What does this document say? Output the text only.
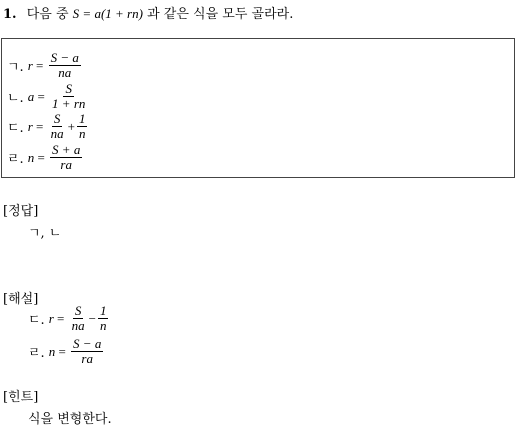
1. 다음 중 S = a(1 + rn) 과 같은 식을 모두 골라라.
ㄱ. $r = \frac{S - a}{na}$
ㄴ. $a = \frac{S}{1 + rn}$
ㄷ. $r = \frac{S}{na} + \frac{1}{n}$
ㄹ. $n = \frac{S + a}{ra}$
[정답]
ㄱ, ㄴ
[해설]
ㄷ. $r = \frac{S}{na} - \frac{1}{n}$
ㄹ. $n = \frac{S - a}{ra}$
[힌트]
식을 변형한다.
